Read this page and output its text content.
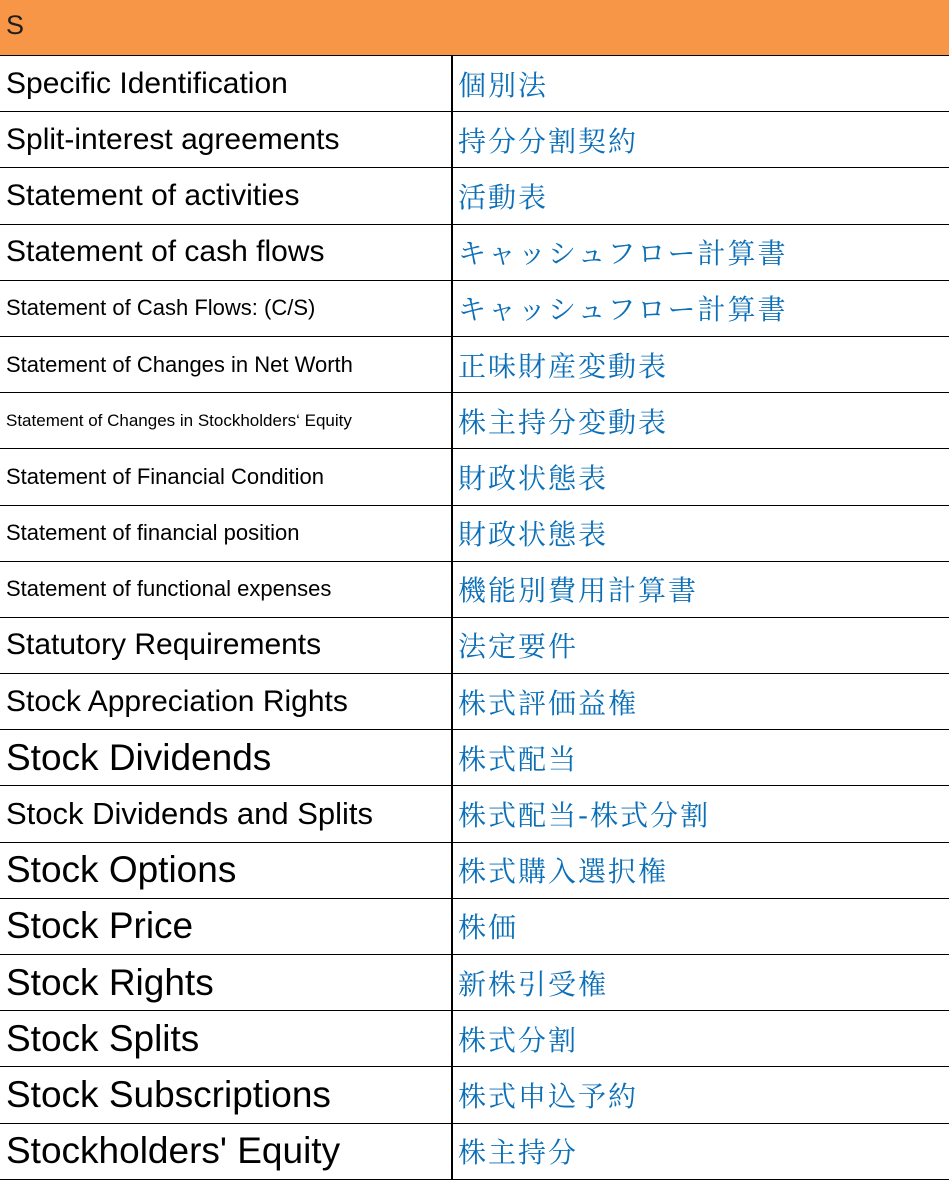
S
Specific Identification	個別法
Split-interest agreements	持分分割契約
Statement of activities	活動表
Statement of cash flows	キャッシュフロー計算書
Statement of Cash Flows: (C/S)	キャッシュフロー計算書
Statement of Changes in Net Worth	正味財産変動表
Statement of Changes in Stockholders‘ Equity	株主持分変動表
Statement of Financial Condition	財政状態表
Statement of financial position	財政状態表
Statement of functional expenses	機能別費用計算書
Statutory Requirements	法定要件
Stock Appreciation Rights	株式評価益権
Stock Dividends	株式配当
Stock Dividends and Splits	株式配当-株式分割
Stock Options	株式購入選択権
Stock Price	株価
Stock Rights	新株引受権
Stock Splits	株式分割
Stock Subscriptions	株式申込予約
Stockholders' Equity	株主持分
